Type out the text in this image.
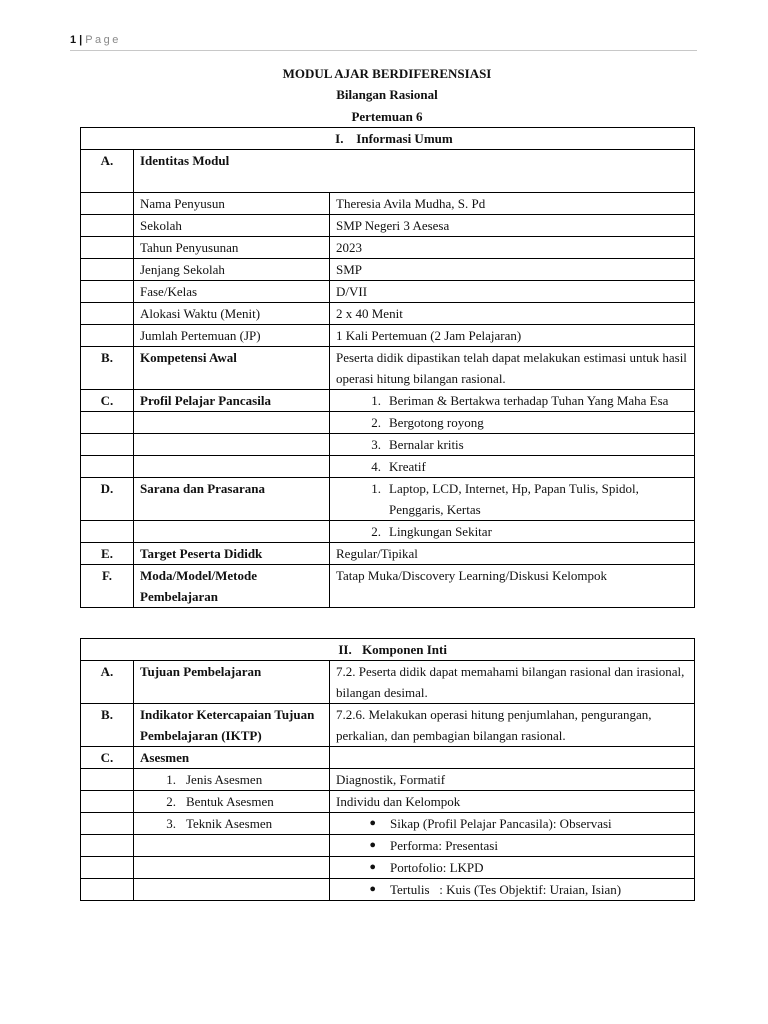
1 | Page
MODUL AJAR BERDIFERENSIASI
Bilangan Rasional
Pertemuan 6
I. Informasi Umum		
A.	Identitas Modul	
	Nama Penyusun	Theresia Avila Mudha, S. Pd
	Sekolah	SMP Negeri 3 Aesesa
	Tahun Penyusunan	2023
	Jenjang Sekolah	SMP
	Fase/Kelas	D/VII
	Alokasi Waktu (Menit)	2 x 40 Menit
	Jumlah Pertemuan (JP)	1 Kali Pertemuan (2 Jam Pelajaran)
B.	Kompetensi Awal	Peserta didik dipastikan telah dapat melakukan estimasi untuk hasil operasi hitung bilangan rasional.
C.	Profil Pelajar Pancasila	1. Beriman & Bertakwa terhadap Tuhan Yang Maha Esa

		2. Bergotong royong

		3. Bernalar kritis

		4. Kreatif

D.	Sarana dan Prasarana	1. Laptop, LCD, Internet, Hp, Papan Tulis, Spidol, Penggaris, Kertas

		2. Lingkungan Sekitar

E.	Target Peserta Dididk	Regular/Tipikal
F.	Moda/Model/Metode Pembelajaran	Tatap Muka/Discovery Learning/Diskusi Kelompok
II. Komponen Inti		
A.	Tujuan Pembelajaran	7.2. Peserta didik dapat memahami bilangan rasional dan irasional, bilangan desimal.
B.	Indikator Ketercapaian Tujuan Pembelajaran (IKTP)	7.2.6. Melakukan operasi hitung penjumlahan, pengurangan, perkalian, dan pembagian bilangan rasional.
C.	Asesmen	

	1. Jenis Asesmen	Diagnostik, Formatif

	2. Bentuk Asesmen	Individu dan Kelompok

	3. Teknik Asesmen	● Sikap (Profil Pelajar Pancasila): Observasi

		● Performa: Presentasi

		● Portofolio: LKPD

		● Tertulis   : Kuis (Tes Objektif: Uraian, Isian)
